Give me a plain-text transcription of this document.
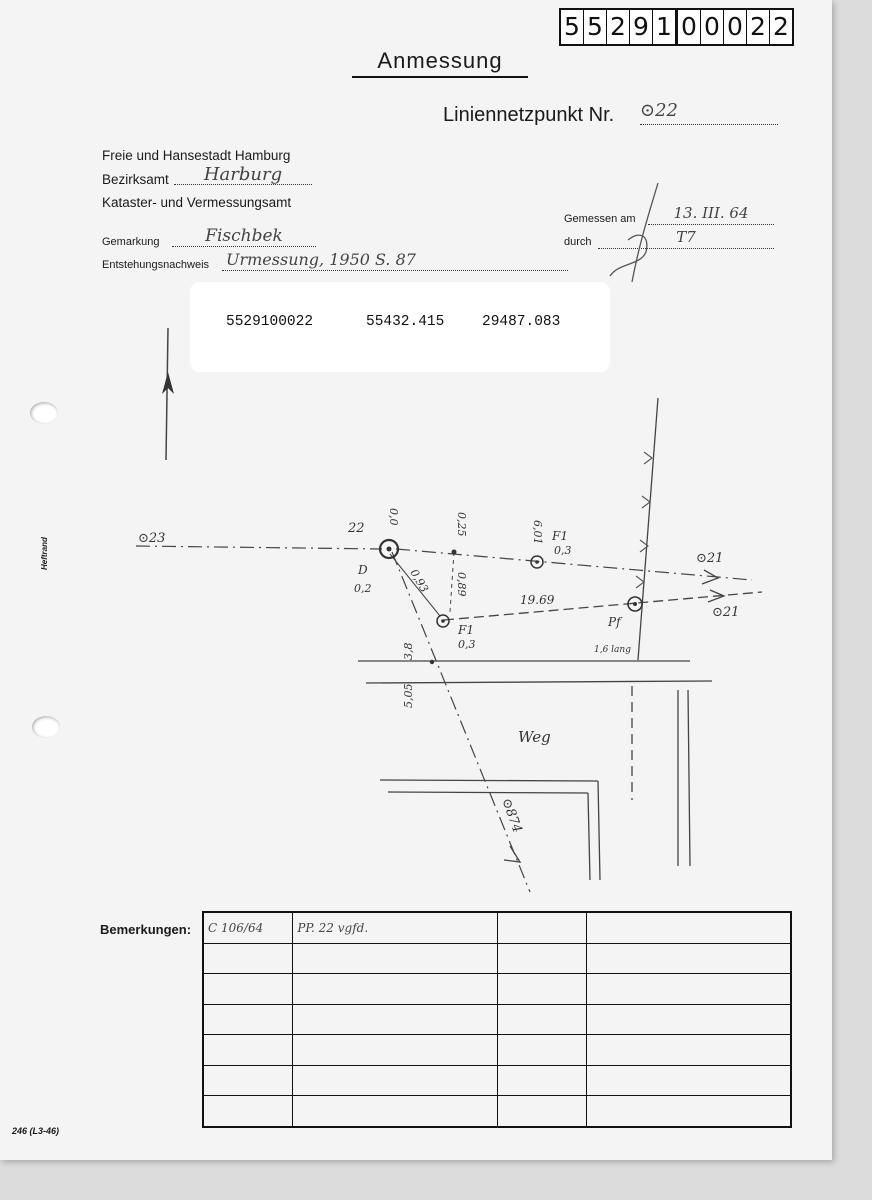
5 5 2 9 1 0 0 0 2 2
Anmessung
Liniennetzpunkt Nr. ⊙22
Freie und Hansestadt Hamburg
Bezirksamt	Harburg
Kataster- und Vermessungsamt
Gemarkung	Fischbek
Entstehungsnachweis Urmessung, 1950 S. 87
Gemessen am	13. III. 64
durch	T7
5529100022	55432.415	29487.083
⊙23
22
⊙21
⊙21
⊙874
D
0,2	0,93 0,89
0,25
0,0
6,01
19.69
F1
0,3
F1
0,3
Pf
1,6 lang
3,8
5,05
Weg
Heftrand
246 (L3-46)
Bemerkungen: C 106/64	PP. 22 vgfd.		
